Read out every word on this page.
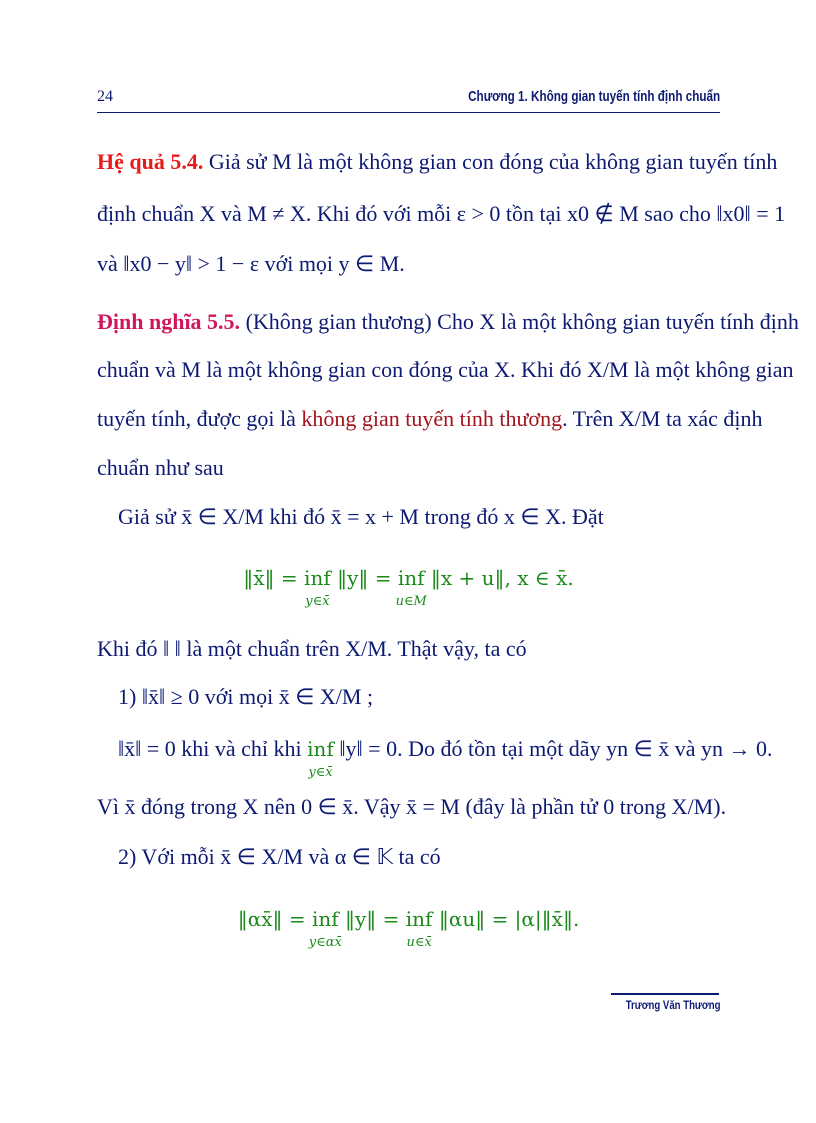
24	Chương 1. Không gian tuyến tính định chuẩn
Hệ quả 5.4. Giả sử M là một không gian con đóng của không gian tuyến tính
định chuẩn X và M ≠ X. Khi đó với mỗi ε > 0 tồn tại x0 ∉ M sao cho ‖x0‖ = 1
và ‖x0 − y‖ > 1 − ε với mọi y ∈ M.
Định nghĩa 5.5. (Không gian thương) Cho X là một không gian tuyến tính định
chuẩn và M là một không gian con đóng của X. Khi đó X/M là một không gian
tuyến tính, được gọi là không gian tuyến tính thương. Trên X/M ta xác định
chuẩn như sau
Giả sử x̄ ∈ X/M khi đó x̄ = x + M trong đó x ∈ X. Đặt
‖x̄‖ = inf
y∈x̄
‖y‖ = inf
u∈M
‖x + u‖, x ∈ x̄.
Khi đó ‖ ‖ là một chuẩn trên X/M. Thật vậy, ta có
1) ‖x̄‖ ≥ 0 với mọi x̄ ∈ X/M ;
‖x̄‖ = 0 khi và chỉ khi inf
y∈x̄
‖y‖ = 0. Do đó tồn tại một dãy yn ∈ x̄ và yn → 0.
Vì x̄ đóng trong X nên 0 ∈ x̄. Vậy x̄ = M (đây là phần tử 0 trong X/M).
2) Với mỗi x̄ ∈ X/M và α ∈ 𝕂 ta có
‖αx̄‖ = inf
y∈αx̄
‖y‖ = inf
u∈x̄
‖αu‖ = |α|‖x̄‖.
Trương Văn Thương
